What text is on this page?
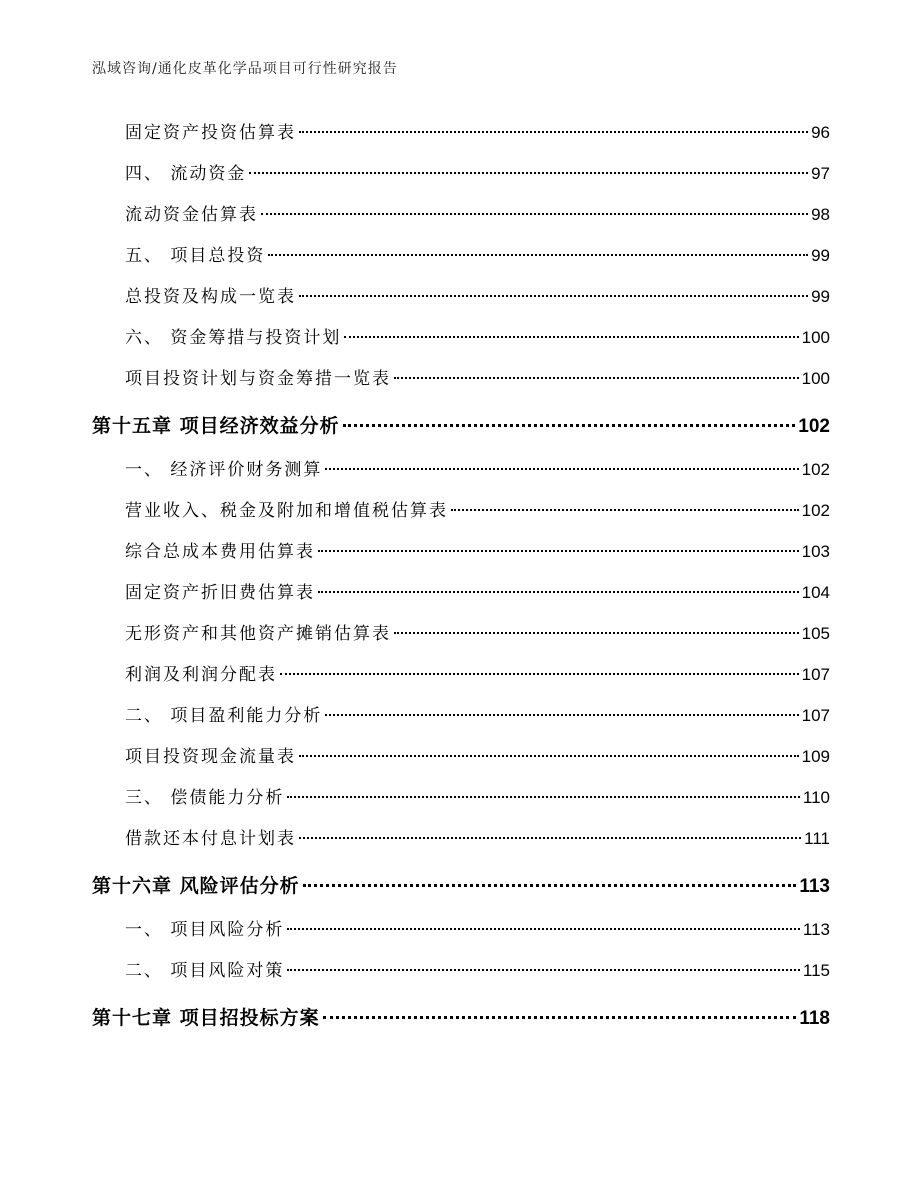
泓域咨询/通化皮革化学品项目可行性研究报告
固定资产投资估算表	96
四、 流动资金	97
流动资金估算表	98
五、 项目总投资	99
总投资及构成一览表	99
六、 资金筹措与投资计划	100
项目投资计划与资金筹措一览表	100
第十五章 项目经济效益分析	102
一、 经济评价财务测算	102
营业收入、税金及附加和增值税估算表	102
综合总成本费用估算表	103
固定资产折旧费估算表	104
无形资产和其他资产摊销估算表	105
利润及利润分配表	107
二、 项目盈利能力分析	107
项目投资现金流量表	109
三、 偿债能力分析	110
借款还本付息计划表	111
第十六章 风险评估分析	113
一、 项目风险分析	113
二、 项目风险对策	115
第十七章 项目招投标方案	118
